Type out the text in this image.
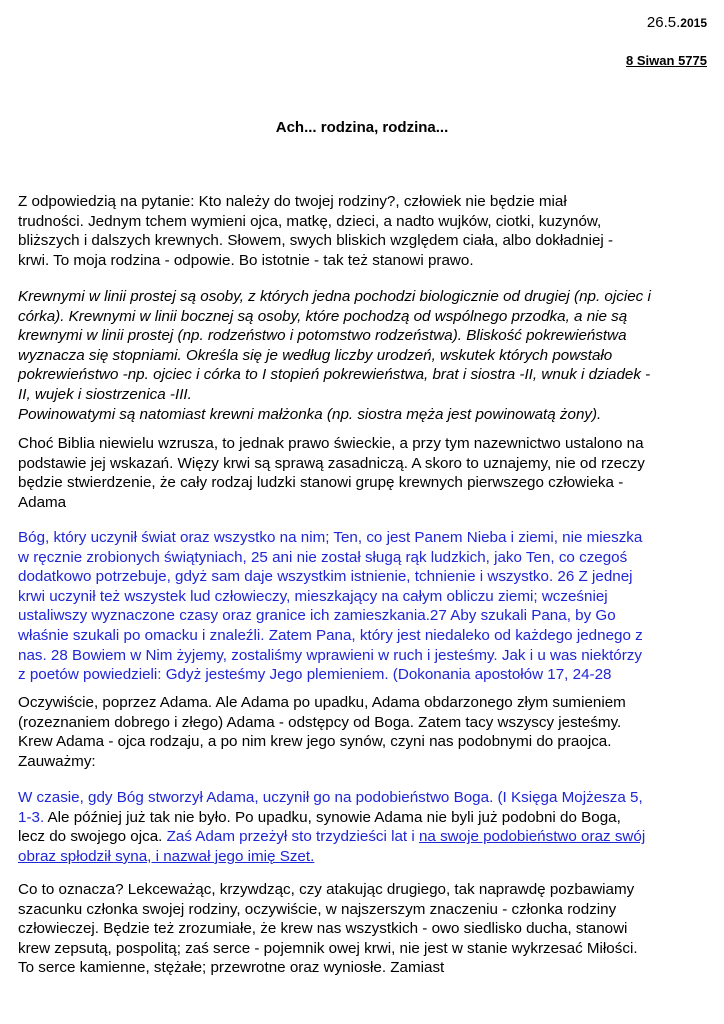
26.5.2015
8 Siwan 5775
Ach... rodzina, rodzina...

Z odpowiedzią na pytanie: Kto należy do twojej rodziny?, człowiek nie będzie miał
trudności. Jednym tchem wymieni ojca, matkę, dzieci, a nadto wujków, ciotki, kuzynów,
bliższych i dalszych krewnych. Słowem, swych bliskich względem ciała, albo dokładniej -
krwi. To moja rodzina - odpowie. Bo istotnie - tak też stanowi prawo.

Krewnymi w linii prostej są osoby, z których jedna pochodzi biologicznie od drugiej (np. ojciec i
córka). Krewnymi w linii bocznej są osoby, które pochodzą od wspólnego przodka, a nie są
krewnymi w linii prostej (np. rodzeństwo i potomstwo rodzeństwa). Bliskość pokrewieństwa
wyznacza się stopniami. Określa się je według liczby urodzeń, wskutek których powstało
pokrewieństwo -np. ojciec i córka to I stopień pokrewieństwa, brat i siostra -II, wnuk i dziadek -
II, wujek i siostrzenica -III.
Powinowatymi są natomiast krewni małżonka (np. siostra męża jest powinowatą żony).

Choć Biblia niewielu wzrusza, to jednak prawo świeckie, a przy tym nazewnictwo ustalono na
podstawie jej wskazań. Więzy krwi są sprawą zasadniczą. A skoro to uznajemy, nie od rzeczy
będzie stwierdzenie, że cały rodzaj ludzki stanowi grupę krewnych pierwszego człowieka -
Adama

Bóg, który uczynił świat oraz wszystko na nim; Ten, co jest Panem Nieba i ziemi, nie mieszka
w ręcznie zrobionych świątyniach, 25 ani nie został sługą rąk ludzkich, jako Ten, co czegoś
dodatkowo potrzebuje, gdyż sam daje wszystkim istnienie, tchnienie i wszystko. 26 Z jednej
krwi uczynił też wszystek lud człowieczy, mieszkający na całym obliczu ziemi; wcześniej
ustaliwszy wyznaczone czasy oraz granice ich zamieszkania.27 Aby szukali Pana, by Go
właśnie szukali po omacku i znaleźli. Zatem Pana, który jest niedaleko od każdego jednego z
nas. 28 Bowiem w Nim żyjemy, zostaliśmy wprawieni w ruch i jesteśmy. Jak i u was niektórzy
z poetów powiedzieli: Gdyż jesteśmy Jego plemieniem. (Dokonania apostołów 17, 24-28

Oczywiście, poprzez Adama. Ale Adama po upadku, Adama obdarzonego złym sumieniem
(rozeznaniem dobrego i złego) Adama - odstępcy od Boga. Zatem tacy wszyscy jesteśmy.
Krew Adama - ojca rodzaju, a po nim krew jego synów, czyni nas podobnymi do praojca.
Zauważmy:

W czasie, gdy Bóg stworzył Adama, uczynił go na podobieństwo Boga. (I Księga Mojżesza 5,
1-3. Ale później już tak nie było. Po upadku, synowie Adama nie byli już podobni do Boga,
lecz do swojego ojca. Zaś Adam przeżył sto trzydzieści lat i na swoje podobieństwo oraz swój
obraz spłodził syna, i nazwał jego imię Szet.

Co to oznacza? Lekceważąc, krzywdząc, czy atakując drugiego, tak naprawdę pozbawiamy
szacunku członka swojej rodziny, oczywiście, w najszerszym znaczeniu - członka rodziny
człowieczej. Będzie też zrozumiałe, że krew nas wszystkich - owo siedlisko ducha, stanowi
krew zepsutą, pospolitą; zaś serce - pojemnik owej krwi, nie jest w stanie wykrzesać Miłości.
To serce kamienne, stężałe; przewrotne oraz wyniosłe. Zamiast
